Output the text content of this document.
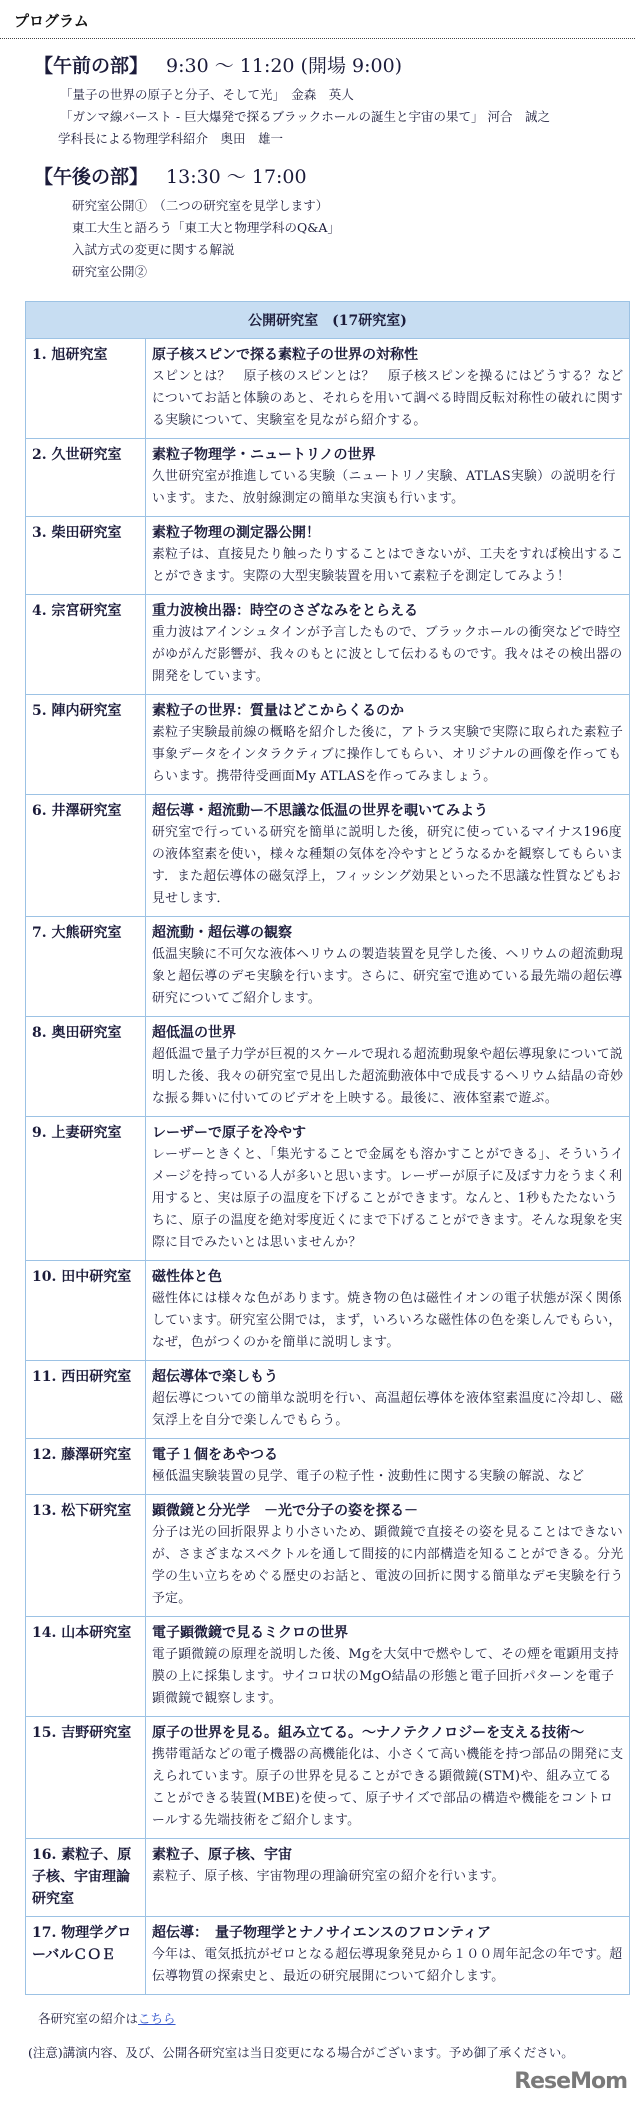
プログラム
【午前の部】 9:30 ～ 11:20 (開場 9:00)
「量子の世界の原子と分子、そして光」　金森　英人
「ガンマ線バースト - 巨大爆発で探るブラックホールの誕生と宇宙の果て」 河合　誠之
学科長による物理学科紹介　奥田　雄一
【午後の部】 13:30 ～ 17:00
研究室公開①　（二つの研究室を見学します）
東工大生と語ろう「東工大と物理学科のQ&A」
入試方式の変更に関する解説
研究室公開②
公開研究室　(17研究室)	
1. 旭研究室	原子核スピンで探る素粒子の世界の対称性
スピンとは？　原子核のスピンとは？　原子核スピンを操るにはどうする？などについてお話と体験のあと、それらを用いて調べる時間反転対称性の破れに関する実験について、実験室を見ながら紹介する。

2. 久世研究室	素粒子物理学・ニュートリノの世界
久世研究室が推進している実験（ニュートリノ実験、ATLAS実験）の説明を行います。また、放射線測定の簡単な実演も行います。

3. 柴田研究室	素粒子物理の測定器公開！
素粒子は、直接見たり触ったりすることはできないが、工夫をすれば検出することができます。実際の大型実験装置を用いて素粒子を測定してみよう！

4. 宗宮研究室	重力波検出器：時空のさざなみをとらえる
重力波はアインシュタインが予言したもので、ブラックホールの衝突などで時空がゆがんだ影響が、我々のもとに波として伝わるものです。我々はその検出器の開発をしています。

5. 陣内研究室	素粒子の世界：質量はどこからくるのか
素粒子実験最前線の概略を紹介した後に，アトラス実験で実際に取られた素粒子事象データをインタラクティブに操作してもらい、オリジナルの画像を作ってもらいます。携帯待受画面My ATLASを作ってみましょう。

6. 井澤研究室	超伝導・超流動ー不思議な低温の世界を覗いてみよう
研究室で行っている研究を簡単に説明した後，研究に使っているマイナス196度の液体窒素を使い，様々な種類の気体を冷やすとどうなるかを観察してもらいます．また超伝導体の磁気浮上，フィッシング効果といった不思議な性質などもお見せします．

7. 大熊研究室	超流動・超伝導の観察
低温実験に不可欠な液体ヘリウムの製造装置を見学した後、ヘリウムの超流動現象と超伝導のデモ実験を行います。さらに、研究室で進めている最先端の超伝導研究についてご紹介します。

8. 奥田研究室	超低温の世界
超低温で量子力学が巨視的スケールで現れる超流動現象や超伝導現象について説明した後、我々の研究室で見出した超流動液体中で成長するヘリウム結晶の奇妙な振る舞いに付いてのビデオを上映する。最後に、液体窒素で遊ぶ。

9. 上妻研究室	レーザーで原子を冷やす
レーザーときくと、「集光することで金属をも溶かすことができる」、そういうイメージを持っている人が多いと思います。レーザーが原子に及ぼす力をうまく利用すると、実は原子の温度を下げることができます。なんと、1秒もたたないうちに、原子の温度を絶対零度近くにまで下げることができます。そんな現象を実際に目でみたいとは思いませんか？

10. 田中研究室	磁性体と色
磁性体には様々な色があります。焼き物の色は磁性イオンの電子状態が深く関係しています。研究室公開では，まず，いろいろな磁性体の色を楽しんでもらい，なぜ，色がつくのかを簡単に説明します。

11. 西田研究室	超伝導体で楽しもう
超伝導についての簡単な説明を行い、高温超伝導体を液体窒素温度に冷却し、磁気浮上を自分で楽しんでもらう。

12. 藤澤研究室	電子１個をあやつる
極低温実験装置の見学、電子の粒子性・波動性に関する実験の解説、など

13. 松下研究室	顕微鏡と分光学　－光で分子の姿を探る－
分子は光の回折限界より小さいため、顕微鏡で直接その姿を見ることはできないが、さまざまなスペクトルを通して間接的に内部構造を知ることができる。分光学の生い立ちをめぐる歴史のお話と、電波の回折に関する簡単なデモ実験を行う予定。

14. 山本研究室	電子顕微鏡で見るミクロの世界
電子顕微鏡の原理を説明した後、Mgを大気中で燃やして、その煙を電顕用支持膜の上に採集します。サイコロ状のMgO結晶の形態と電子回折パターンを電子顕微鏡で観察します。

15. 吉野研究室	原子の世界を見る。組み立てる。～ナノテクノロジーを支える技術～
携帯電話などの電子機器の高機能化は、小さくて高い機能を持つ部品の開発に支えられています。原子の世界を見ることができる顕微鏡(STM)や、組み立てることができる装置(MBE)を使って、原子サイズで部品の構造や機能をコントロールする先端技術をご紹介します。

16. 素粒子、原子核、宇宙理論研究室	素粒子、原子核、宇宙
素粒子、原子核、宇宙物理の理論研究室の紹介を行います。

17. 物理学グローバルＣＯＥ	超伝導：　量子物理学とナノサイエンスのフロンティア
今年は、電気抵抗がゼロとなる超伝導現象発見から１００周年記念の年です。超伝導物質の探索史と、最近の研究展開について紹介します。
各研究室の紹介はこちら
(注意)講演内容、及び、公開各研究室は当日変更になる場合がございます。予め御了承ください。
ReseMom
